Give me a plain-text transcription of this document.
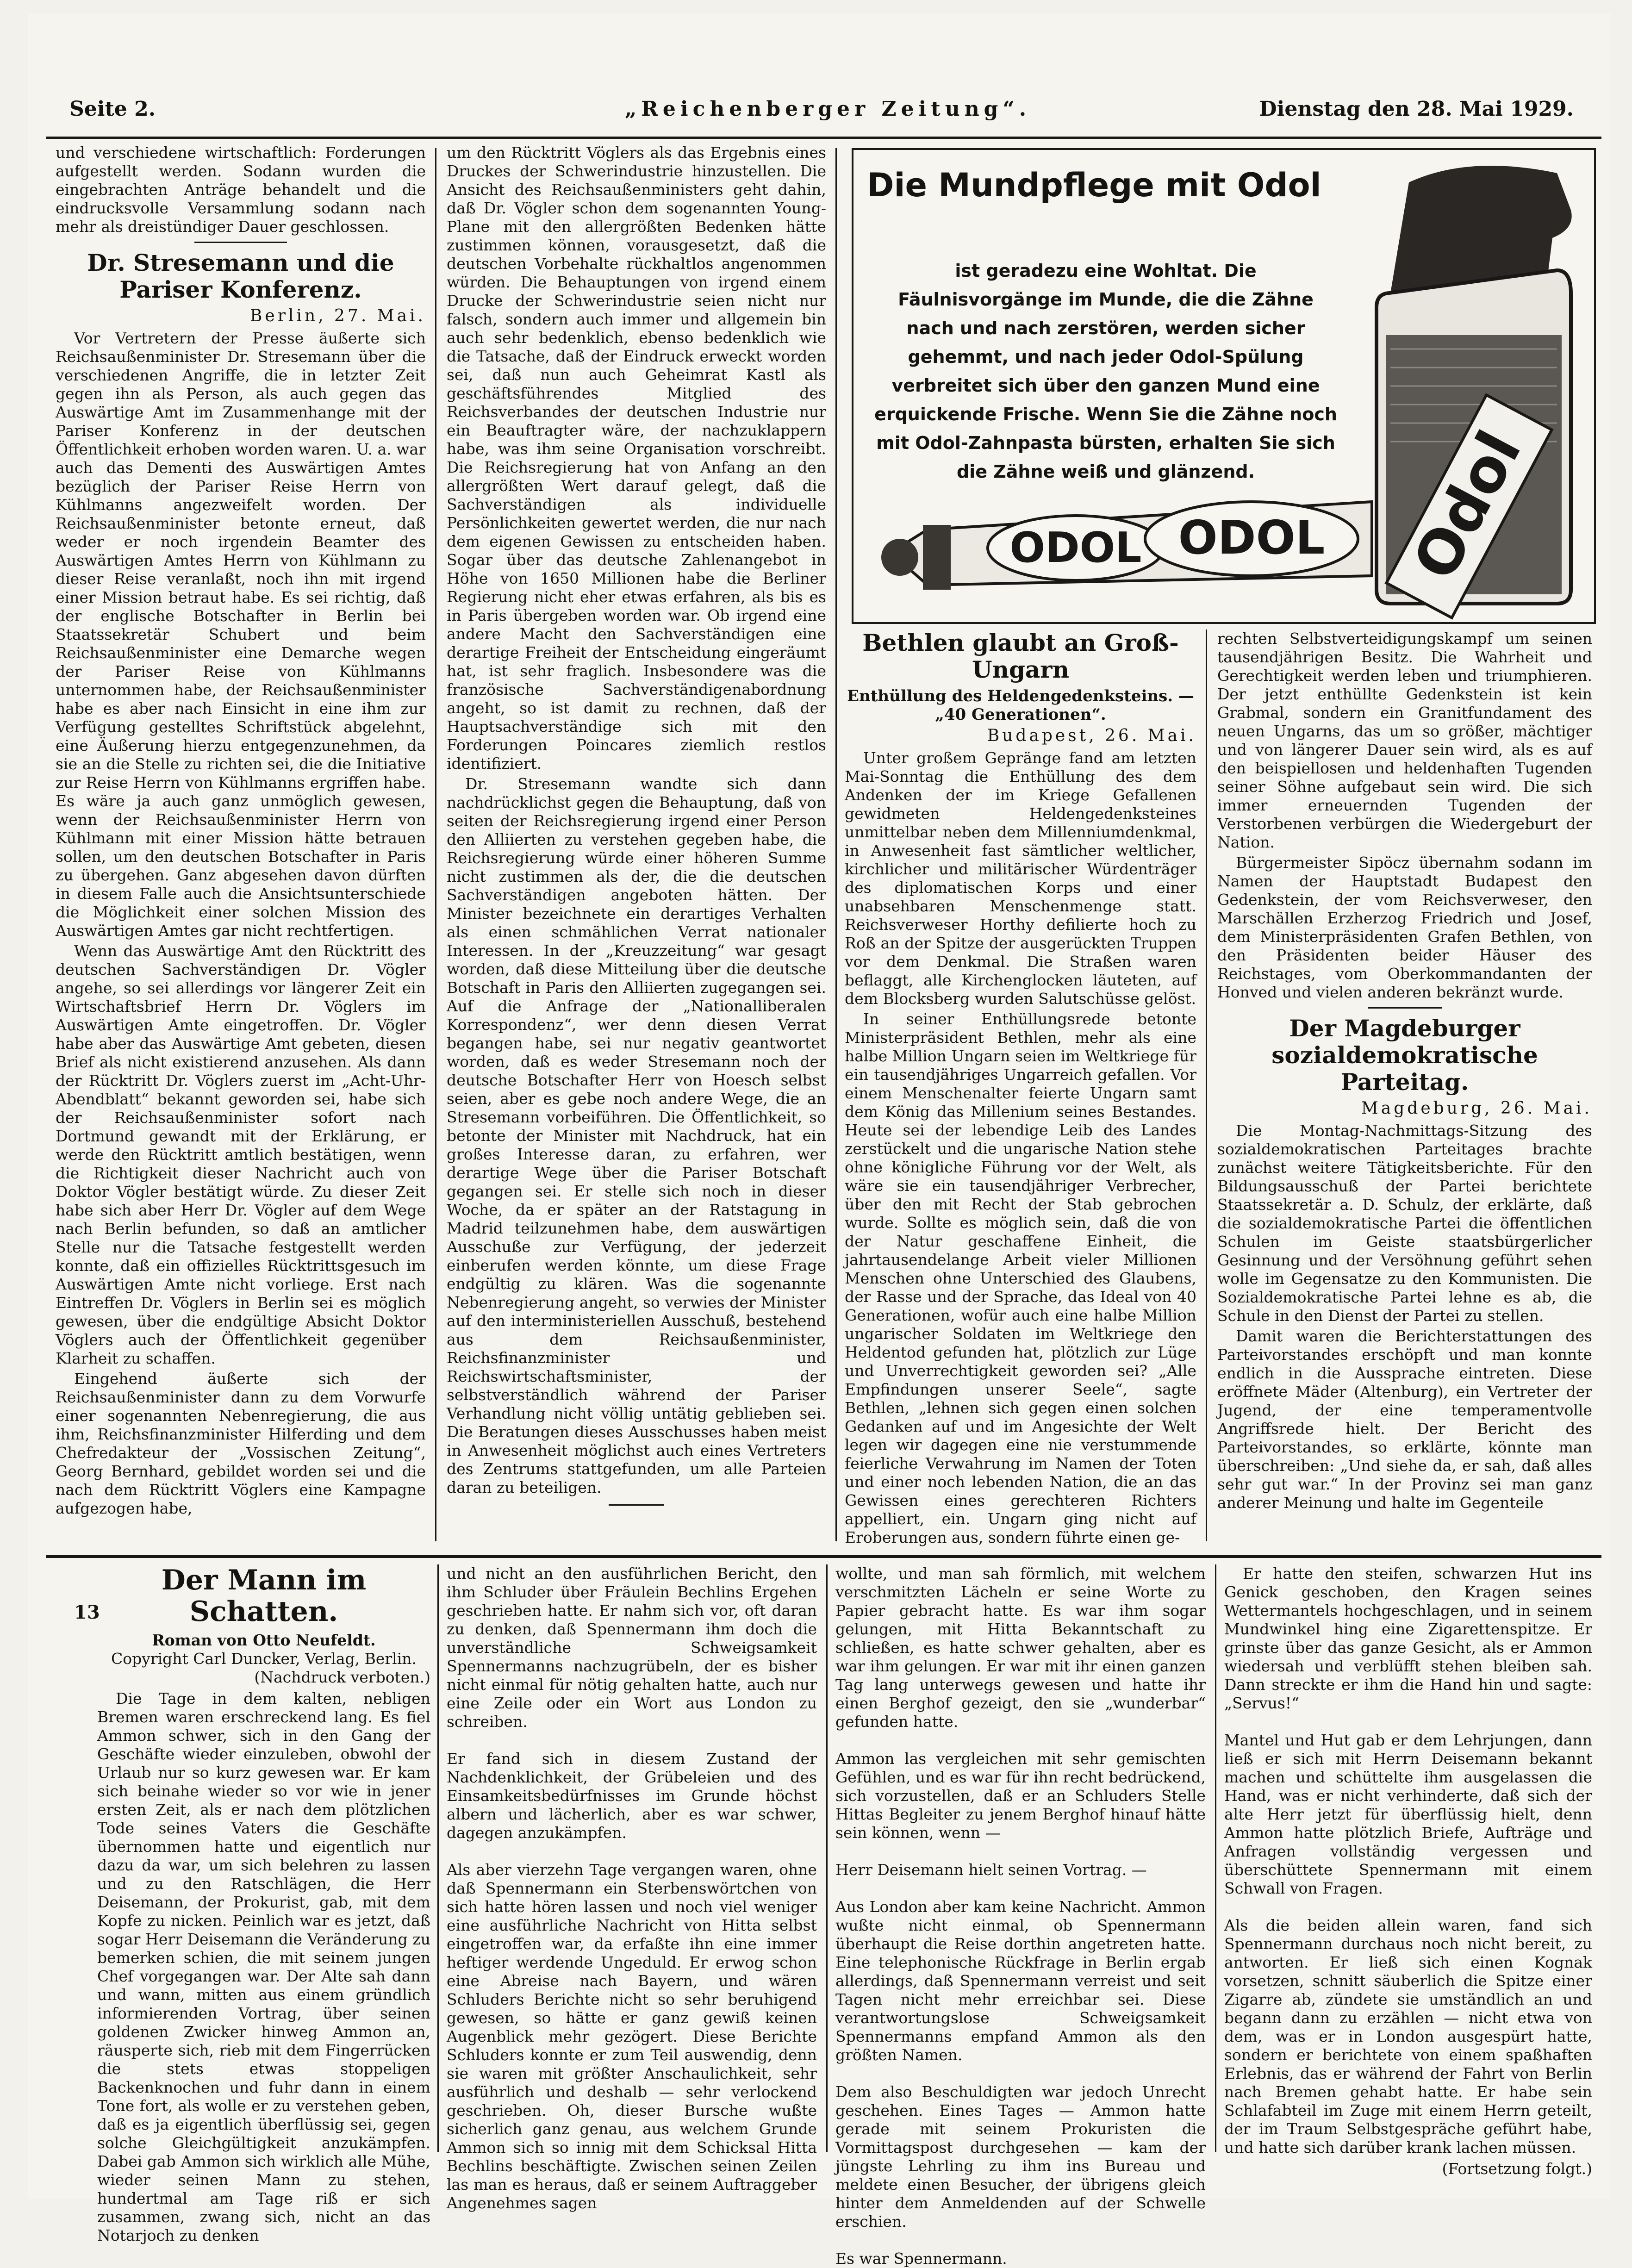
Seite 2.	„Reichenberger Zeitung“.	Dienstag den 28. Mai 1929.

und verschiedene wirtschaftlich: Forderungen aufgestellt werden. Sodann wurden die eingebrachten Anträge behandelt und die eindrucksvolle Versammlung sodann nach mehr als dreistündiger Dauer geschlossen.

Dr. Stresemann und die Pariser Konferenz.
Berlin, 27. Mai.

Vor Vertretern der Presse äußerte sich Reichsaußenminister Dr. Stresemann über die verschiedenen Angriffe, die in letzter Zeit gegen ihn als Person, als auch gegen das Auswärtige Amt im Zusammenhange mit der Pariser Konferenz in der deutschen Öffentlichkeit erhoben worden waren. U. a. war auch das Dementi des Auswärtigen Amtes bezüglich der Pariser Reise Herrn von Kühlmanns angezweifelt worden. Der Reichsaußenminister betonte erneut, daß weder er noch irgendein Beamter des Auswärtigen Amtes Herrn von Kühlmann zu dieser Reise veranlaßt, noch ihn mit irgend einer Mission betraut habe. Es sei richtig, daß der englische Botschafter in Berlin bei Staatssekretär Schubert und beim Reichsaußenminister eine Demarche wegen der Pariser Reise von Kühlmanns unternommen habe, der Reichsaußenminister habe es aber nach Einsicht in eine ihm zur Verfügung gestelltes Schriftstück abgelehnt, eine Äußerung hierzu entgegenzunehmen, da sie an die Stelle zu richten sei, die die Initiative zur Reise Herrn von Kühlmanns ergriffen habe. Es wäre ja auch ganz unmöglich gewesen, wenn der Reichsaußenminister Herrn von Kühlmann mit einer Mission hätte betrauen sollen, um den deutschen Botschafter in Paris zu übergehen. Ganz abgesehen davon dürften in diesem Falle auch die Ansichtsunterschiede die Möglichkeit einer solchen Mission des Auswärtigen Amtes gar nicht rechtfertigen.

Wenn das Auswärtige Amt den Rücktritt des deutschen Sachverständigen Dr. Vögler angehe, so sei allerdings vor längerer Zeit ein Wirtschaftsbrief Herrn Dr. Vöglers im Auswärtigen Amte eingetroffen. Dr. Vögler habe aber das Auswärtige Amt gebeten, diesen Brief als nicht existierend anzusehen. Als dann der Rücktritt Dr. Vöglers zuerst im „Acht-Uhr-Abendblatt“ bekannt geworden sei, habe sich der Reichsaußenminister sofort nach Dortmund gewandt mit der Erklärung, er werde den Rücktritt amtlich bestätigen, wenn die Richtigkeit dieser Nachricht auch von Doktor Vögler bestätigt würde. Zu dieser Zeit habe sich aber Herr Dr. Vögler auf dem Wege nach Berlin befunden, so daß an amtlicher Stelle nur die Tatsache festgestellt werden konnte, daß ein offizielles Rücktrittsgesuch im Auswärtigen Amte nicht vorliege. Erst nach Eintreffen Dr. Vöglers in Berlin sei es möglich gewesen, über die endgültige Absicht Doktor Vöglers auch der Öffentlichkeit gegenüber Klarheit zu schaffen.

Eingehend äußerte sich der Reichsaußenminister dann zu dem Vorwurfe einer sogenannten Nebenregierung, die aus ihm, Reichsfinanzminister Hilferding und dem Chefredakteur der „Vossischen Zeitung“, Georg Bernhard, gebildet worden sei und die nach dem Rücktritt Vöglers eine Kampagne aufgezogen habe,

um den Rücktritt Vöglers als das Ergebnis eines Druckes der Schwerindustrie hinzustellen. Die Ansicht des Reichsaußenministers geht dahin, daß Dr. Vögler schon dem sogenannten Young-Plane mit den allergrößten Bedenken hätte zustimmen können, vorausgesetzt, daß die deutschen Vorbehalte rückhaltlos angenommen würden. Die Behauptungen von irgend einem Drucke der Schwerindustrie seien nicht nur falsch, sondern auch immer und allgemein bin auch sehr bedenklich, ebenso bedenklich wie die Tatsache, daß der Eindruck erweckt worden sei, daß nun auch Geheimrat Kastl als geschäftsführendes Mitglied des Reichsverbandes der deutschen Industrie nur ein Beauftragter wäre, der nachzuklappern habe, was ihm seine Organisation vorschreibt. Die Reichsregierung hat von Anfang an den allergrößten Wert darauf gelegt, daß die Sachverständigen als individuelle Persönlichkeiten gewertet werden, die nur nach dem eigenen Gewissen zu entscheiden haben. Sogar über das deutsche Zahlenangebot in Höhe von 1650 Millionen habe die Berliner Regierung nicht eher etwas erfahren, als bis es in Paris übergeben worden war. Ob irgend eine andere Macht den Sachverständigen eine derartige Freiheit der Entscheidung eingeräumt hat, ist sehr fraglich. Insbesondere was die französische Sachverständigenabordnung angeht, so ist damit zu rechnen, daß der Hauptsachverständige sich mit den Forderungen Poincares ziemlich restlos identifiziert.

Dr. Stresemann wandte sich dann nachdrücklichst gegen die Behauptung, daß von seiten der Reichsregierung irgend einer Person den Alliierten zu verstehen gegeben habe, die Reichsregierung würde einer höheren Summe nicht zustimmen als der, die die deutschen Sachverständigen angeboten hätten. Der Minister bezeichnete ein derartiges Verhalten als einen schmählichen Verrat nationaler Interessen. In der „Kreuzzeitung“ war gesagt worden, daß diese Mitteilung über die deutsche Botschaft in Paris den Alliierten zugegangen sei. Auf die Anfrage der „Nationalliberalen Korrespondenz“, wer denn diesen Verrat begangen habe, sei nur negativ geantwortet worden, daß es weder Stresemann noch der deutsche Botschafter Herr von Hoesch selbst seien, aber es gebe noch andere Wege, die an Stresemann vorbeiführen. Die Öffentlichkeit, so betonte der Minister mit Nachdruck, hat ein großes Interesse daran, zu erfahren, wer derartige Wege über die Pariser Botschaft gegangen sei. Er stelle sich noch in dieser Woche, da er später an der Ratstagung in Madrid teilzunehmen habe, dem auswärtigen Ausschuße zur Verfügung, der jederzeit einberufen werden könnte, um diese Frage endgültig zu klären. Was die sogenannte Nebenregierung angeht, so verwies der Minister auf den interministeriellen Ausschuß, bestehend aus dem Reichsaußenminister, Reichsfinanzminister und Reichswirtschaftsminister, der selbstverständlich während der Pariser Verhandlung nicht völlig untätig geblieben sei. Die Beratungen dieses Ausschusses haben meist in Anwesenheit möglichst auch eines Vertreters des Zentrums stattgefunden, um alle Parteien daran zu beteiligen.

Die Mundpflege mit Odol
ist geradezu eine Wohltat. Die Fäulnisvorgänge im Munde, die die Zähne nach und nach zerstören, werden sicher gehemmt, und nach jeder Odol-Spülung verbreitet sich über den ganzen Mund eine erquickende Frische. Wenn Sie die Zähne noch mit Odol-Zahnpasta bürsten, erhalten Sie sich die Zähne weiß und glänzend.	Odol
ODOL ODOL
Bethlen glaubt an Groß-Ungarn
Enthüllung des Heldengedenksteins. — „40 Generationen“.
Budapest, 26. Mai.

Unter großem Gepränge fand am letzten Mai-Sonntag die Enthüllung des dem Andenken der im Kriege Gefallenen gewidmeten Heldengedenksteines unmittelbar neben dem Millenniumdenkmal, in Anwesenheit fast sämtlicher weltlicher, kirchlicher und militärischer Würdenträger des diplomatischen Korps und einer unabsehbaren Menschenmenge statt. Reichsverweser Horthy defilierte hoch zu Roß an der Spitze der ausgerückten Truppen vor dem Denkmal. Die Straßen waren beflaggt, alle Kirchenglocken läuteten, auf dem Blocksberg wurden Salutschüsse gelöst.

In seiner Enthüllungsrede betonte Ministerpräsident Bethlen, mehr als eine halbe Million Ungarn seien im Weltkriege für ein tausendjähriges Ungarreich gefallen. Vor einem Menschenalter feierte Ungarn samt dem König das Millenium seines Bestandes. Heute sei der lebendige Leib des Landes zerstückelt und die ungarische Nation stehe ohne königliche Führung vor der Welt, als wäre sie ein tausendjähriger Verbrecher, über den mit Recht der Stab gebrochen wurde. Sollte es möglich sein, daß die von der Natur geschaffene Einheit, die jahrtausendelange Arbeit vieler Millionen Menschen ohne Unterschied des Glaubens, der Rasse und der Sprache, das Ideal von 40 Generationen, wofür auch eine halbe Million ungarischer Soldaten im Weltkriege den Heldentod gefunden hat, plötzlich zur Lüge und Unverrechtigkeit geworden sei? „Alle Empfindungen unserer Seele“, sagte Bethlen, „lehnen sich gegen einen solchen Gedanken auf und im Angesichte der Welt legen wir dagegen eine nie verstummende feierliche Verwahrung im Namen der Toten und einer noch lebenden Nation, die an das Gewissen eines gerechteren Richters appelliert, ein. Ungarn ging nicht auf Eroberungen aus, sondern führte einen ge-

rechten Selbstverteidigungskampf um seinen tausendjährigen Besitz. Die Wahrheit und Gerechtigkeit werden leben und triumphieren. Der jetzt enthüllte Gedenkstein ist kein Grabmal, sondern ein Granitfundament des neuen Ungarns, das um so größer, mächtiger und von längerer Dauer sein wird, als es auf den beispiellosen und heldenhaften Tugenden seiner Söhne aufgebaut sein wird. Die sich immer erneuernden Tugenden der Verstorbenen verbürgen die Wiedergeburt der Nation.

Bürgermeister Sipöcz übernahm sodann im Namen der Hauptstadt Budapest den Gedenkstein, der vom Reichsverweser, den Marschällen Erzherzog Friedrich und Josef, dem Ministerpräsidenten Grafen Bethlen, von den Präsidenten beider Häuser des Reichstages, vom Oberkommandanten der Honved und vielen anderen bekränzt wurde.

Der Magdeburger sozialdemokratische Parteitag.
Magdeburg, 26. Mai.

Die Montag-Nachmittags-Sitzung des sozialdemokratischen Parteitages brachte zunächst weitere Tätigkeitsberichte. Für den Bildungsausschuß der Partei berichtete Staatssekretär a. D. Schulz, der erklärte, daß die sozialdemokratische Partei die öffentlichen Schulen im Geiste staatsbürgerlicher Gesinnung und der Versöhnung geführt sehen wolle im Gegensatze zu den Kommunisten. Die Sozialdemokratische Partei lehne es ab, die Schule in den Dienst der Partei zu stellen.

Damit waren die Berichterstattungen des Parteivorstandes erschöpft und man konnte endlich in die Aussprache eintreten. Diese eröffnete Mäder (Altenburg), ein Vertreter der Jugend, der eine temperamentvolle Angriffsrede hielt. Der Bericht des Parteivorstandes, so erklärte, könnte man überschreiben: „Und siehe da, er sah, daß alles sehr gut war.“ In der Provinz sei man ganz anderer Meinung und halte im Gegenteile

13
Der Mann im Schatten.
Roman von Otto Neufeldt.
Copyright Carl Duncker, Verlag, Berlin.
(Nachdruck verboten.)

Die Tage in dem kalten, nebligen Bremen waren erschreckend lang. Es fiel Ammon schwer, sich in den Gang der Geschäfte wieder einzuleben, obwohl der Urlaub nur so kurz gewesen war. Er kam sich beinahe wieder so vor wie in jener ersten Zeit, als er nach dem plötzlichen Tode seines Vaters die Geschäfte übernommen hatte und eigentlich nur dazu da war, um sich belehren zu lassen und zu den Ratschlägen, die Herr Deisemann, der Prokurist, gab, mit dem Kopfe zu nicken. Peinlich war es jetzt, daß sogar Herr Deisemann die Veränderung zu bemerken schien, die mit seinem jungen Chef vorgegangen war. Der Alte sah dann und wann, mitten aus einem gründlich informierenden Vortrag, über seinen goldenen Zwicker hinweg Ammon an, räusperte sich, rieb mit dem Fingerrücken die stets etwas stoppeligen Backenknochen und fuhr dann in einem Tone fort, als wolle er zu verstehen geben, daß es ja eigentlich überflüssig sei, gegen solche Gleichgültigkeit anzukämpfen. Dabei gab Ammon sich wirklich alle Mühe, wieder seinen Mann zu stehen, hundertmal am Tage riß er sich zusammen, zwang sich, nicht an das Notarjoch zu denken

und nicht an den ausführlichen Bericht, den ihm Schluder über Fräulein Bechlins Ergehen geschrieben hatte. Er nahm sich vor, oft daran zu denken, daß Spennermann ihm doch die unverständliche Schweigsamkeit Spennermanns nachzugrübeln, der es bisher nicht einmal für nötig gehalten hatte, auch nur eine Zeile oder ein Wort aus London zu schreiben.

Er fand sich in diesem Zustand der Nachdenklichkeit, der Grübeleien und des Einsamkeitsbedürfnisses im Grunde höchst albern und lächerlich, aber es war schwer, dagegen anzukämpfen.

Als aber vierzehn Tage vergangen waren, ohne daß Spennermann ein Sterbenswörtchen von sich hatte hören lassen und noch viel weniger eine ausführliche Nachricht von Hitta selbst eingetroffen war, da erfaßte ihn eine immer heftiger werdende Ungeduld. Er erwog schon eine Abreise nach Bayern, und wären Schluders Berichte nicht so sehr beruhigend gewesen, so hätte er ganz gewiß keinen Augenblick mehr gezögert. Diese Berichte Schluders konnte er zum Teil auswendig, denn sie waren mit größter Anschaulichkeit, sehr ausführlich und deshalb — sehr verlockend geschrieben. Oh, dieser Bursche wußte sicherlich ganz genau, aus welchem Grunde Ammon sich so innig mit dem Schicksal Hitta Bechlins beschäftigte. Zwischen seinen Zeilen las man es heraus, daß er seinem Auftraggeber Angenehmes sagen

wollte, und man sah förmlich, mit welchem verschmitzten Lächeln er seine Worte zu Papier gebracht hatte. Es war ihm sogar gelungen, mit Hitta Bekanntschaft zu schließen, es hatte schwer gehalten, aber es war ihm gelungen. Er war mit ihr einen ganzen Tag lang unterwegs gewesen und hatte ihr einen Berghof gezeigt, den sie „wunderbar“ gefunden hatte.

Ammon las vergleichen mit sehr gemischten Gefühlen, und es war für ihn recht bedrückend, sich vorzustellen, daß er an Schluders Stelle Hittas Begleiter zu jenem Berghof hinauf hätte sein können, wenn —

Herr Deisemann hielt seinen Vortrag. —

Aus London aber kam keine Nachricht. Ammon wußte nicht einmal, ob Spennermann überhaupt die Reise dorthin angetreten hatte. Eine telephonische Rückfrage in Berlin ergab allerdings, daß Spennermann verreist und seit Tagen nicht mehr erreichbar sei. Diese verantwortungslose Schweigsamkeit Spennermanns empfand Ammon als den größten Namen.

Dem also Beschuldigten war jedoch Unrecht geschehen. Eines Tages — Ammon hatte gerade mit seinem Prokuristen die Vormittagspost durchgesehen — kam der jüngste Lehrling zu ihm ins Bureau und meldete einen Besucher, der übrigens gleich hinter dem Anmeldenden auf der Schwelle erschien.

Es war Spennermann.

Er hatte den steifen, schwarzen Hut ins Genick geschoben, den Kragen seines Wettermantels hochgeschlagen, und in seinem Mundwinkel hing eine Zigarettenspitze. Er grinste über das ganze Gesicht, als er Ammon wiedersah und verblüfft stehen bleiben sah. Dann streckte er ihm die Hand hin und sagte: „Servus!“

Mantel und Hut gab er dem Lehrjungen, dann ließ er sich mit Herrn Deisemann bekannt machen und schüttelte ihm ausgelassen die Hand, was er nicht verhinderte, daß sich der alte Herr jetzt für überflüssig hielt, denn Ammon hatte plötzlich Briefe, Aufträge und Anfragen vollständig vergessen und überschüttete Spennermann mit einem Schwall von Fragen.

Als die beiden allein waren, fand sich Spennermann durchaus noch nicht bereit, zu antworten. Er ließ sich einen Kognak vorsetzen, schnitt säuberlich die Spitze einer Zigarre ab, zündete sie umständlich an und begann dann zu erzählen — nicht etwa von dem, was er in London ausgespürt hatte, sondern er berichtete von einem spaßhaften Erlebnis, das er während der Fahrt von Berlin nach Bremen gehabt hatte. Er habe sein Schlafabteil im Zuge mit einem Herrn geteilt, der im Traum Selbstgespräche geführt habe, und hatte sich darüber krank lachen müssen.

(Fortsetzung folgt.)
